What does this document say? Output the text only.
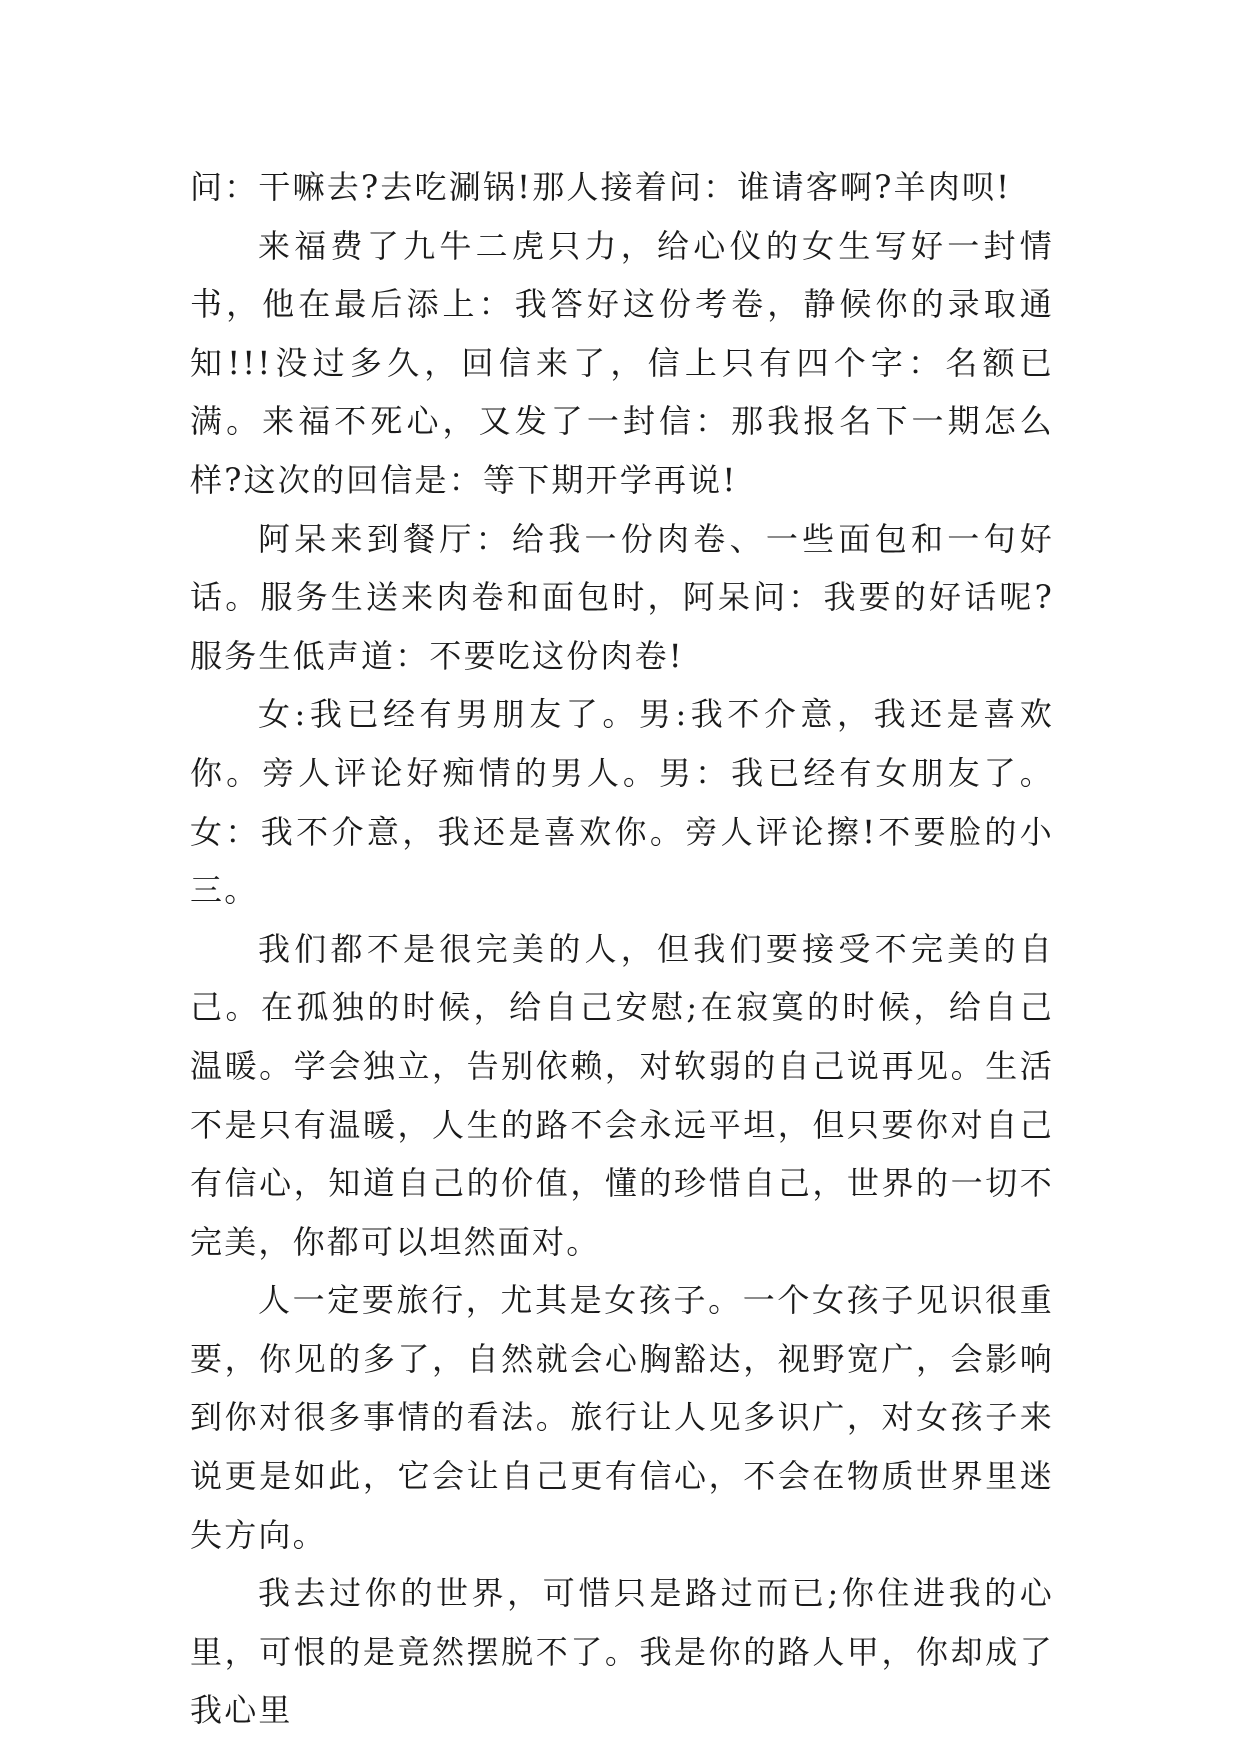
问：干嘛去?去吃涮锅!那人接着问：谁请客啊?羊肉呗!

来福费了九牛二虎只力，给心仪的女生写好一封情书，他在最后添上：我答好这份考卷，静候你的录取通知!!!没过多久，回信来了，信上只有四个字：名额已满。来福不死心，又发了一封信：那我报名下一期怎么样?这次的回信是：等下期开学再说!

阿呆来到餐厅：给我一份肉卷、一些面包和一句好话。服务生送来肉卷和面包时，阿呆问：我要的好话呢?服务生低声道：不要吃这份肉卷!

女:我已经有男朋友了。男:我不介意，我还是喜欢你。旁人评论好痴情的男人。男：我已经有女朋友了。女：我不介意，我还是喜欢你。旁人评论擦!不要脸的小三。

我们都不是很完美的人，但我们要接受不完美的自己。在孤独的时候，给自己安慰;在寂寞的时候，给自己温暖。学会独立，告别依赖，对软弱的自己说再见。生活不是只有温暖，人生的路不会永远平坦，但只要你对自己有信心，知道自己的价值，懂的珍惜自己，世界的一切不完美，你都可以坦然面对。

人一定要旅行，尤其是女孩子。一个女孩子见识很重要，你见的多了，自然就会心胸豁达，视野宽广，会影响到你对很多事情的看法。旅行让人见多识广，对女孩子来说更是如此，它会让自己更有信心，不会在物质世界里迷失方向。

我去过你的世界，可惜只是路过而已;你住进我的心里，可恨的是竟然摆脱不了。我是你的路人甲，你却成了我心里
